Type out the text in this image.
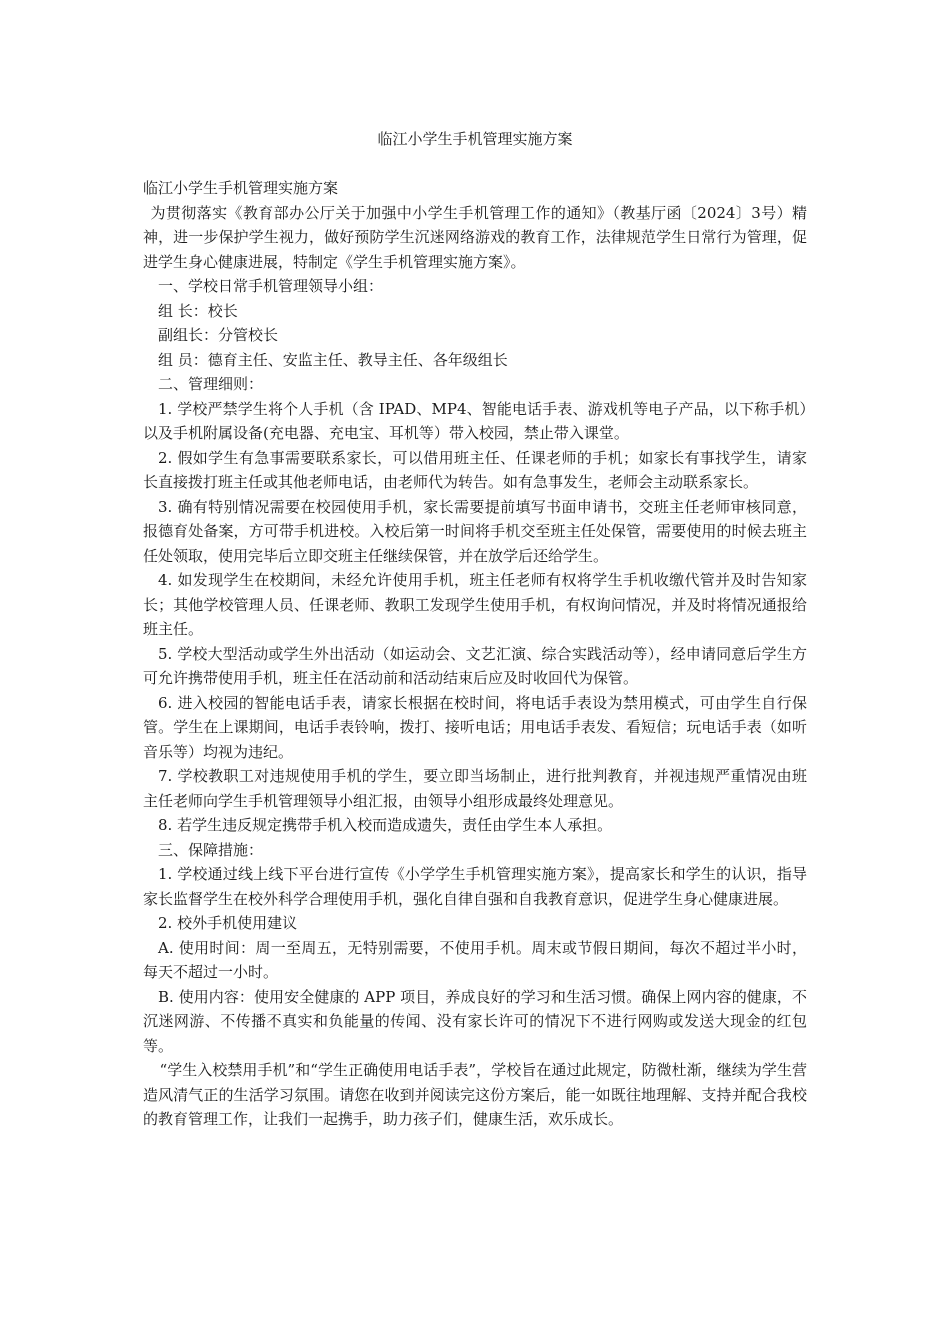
临江小学生手机管理实施方案

临江小学生手机管理实施方案

为贯彻落实《教育部办公厅关于加强中小学生手机管理工作的通知》（教基厅函〔2024〕3号）精神，进一步保护学生视力，做好预防学生沉迷网络游戏的教育工作，法律规范学生日常行为管理，促进学生身心健康进展，特制定《学生手机管理实施方案》。

一、学校日常手机管理领导小组：

组 长：校长

副组长：分管校长

组 员：德育主任、安监主任、教导主任、各年级组长

二、管理细则：

1. 学校严禁学生将个人手机（含 IPAD、MP4、智能电话手表、游戏机等电子产品，以下称手机）以及手机附属设备(充电器、充电宝、耳机等）带入校园，禁止带入课堂。

2. 假如学生有急事需要联系家长，可以借用班主任、任课老师的手机；如家长有事找学生，请家长直接拨打班主任或其他老师电话，由老师代为转告。如有急事发生，老师会主动联系家长。

3. 确有特别情况需要在校园使用手机，家长需要提前填写书面申请书，交班主任老师审核同意，报德育处备案，方可带手机进校。入校后第一时间将手机交至班主任处保管，需要使用的时候去班主任处领取，使用完毕后立即交班主任继续保管，并在放学后还给学生。

4. 如发现学生在校期间，未经允许使用手机，班主任老师有权将学生手机收缴代管并及时告知家长；其他学校管理人员、任课老师、教职工发现学生使用手机，有权询问情况，并及时将情况通报给班主任。

5. 学校大型活动或学生外出活动（如运动会、文艺汇演、综合实践活动等），经申请同意后学生方可允许携带使用手机，班主任在活动前和活动结束后应及时收回代为保管。

6. 进入校园的智能电话手表，请家长根据在校时间，将电话手表设为禁用模式，可由学生自行保管。学生在上课期间，电话手表铃响，拨打、接听电话；用电话手表发、看短信；玩电话手表（如听音乐等）均视为违纪。

7. 学校教职工对违规使用手机的学生，要立即当场制止，进行批判教育，并视违规严重情况由班主任老师向学生手机管理领导小组汇报，由领导小组形成最终处理意见。

8. 若学生违反规定携带手机入校而造成遗失，责任由学生本人承担。

三、保障措施：

1. 学校通过线上线下平台进行宣传《小学学生手机管理实施方案》，提高家长和学生的认识，指导家长监督学生在校外科学合理使用手机，强化自律自强和自我教育意识，促进学生身心健康进展。

2. 校外手机使用建议

A. 使用时间：周一至周五，无特别需要，不使用手机。周末或节假日期间，每次不超过半小时，每天不超过一小时。

B. 使用内容：使用安全健康的 APP 项目，养成良好的学习和生活习惯。确保上网内容的健康，不沉迷网游、不传播不真实和负能量的传闻、没有家长许可的情况下不进行网购或发送大现金的红包等。

“学生入校禁用手机”和“学生正确使用电话手表”，学校旨在通过此规定，防微杜渐，继续为学生营造风清气正的生活学习氛围。请您在收到并阅读完这份方案后，能一如既往地理解、支持并配合我校的教育管理工作，让我们一起携手，助力孩子们，健康生活，欢乐成长。
